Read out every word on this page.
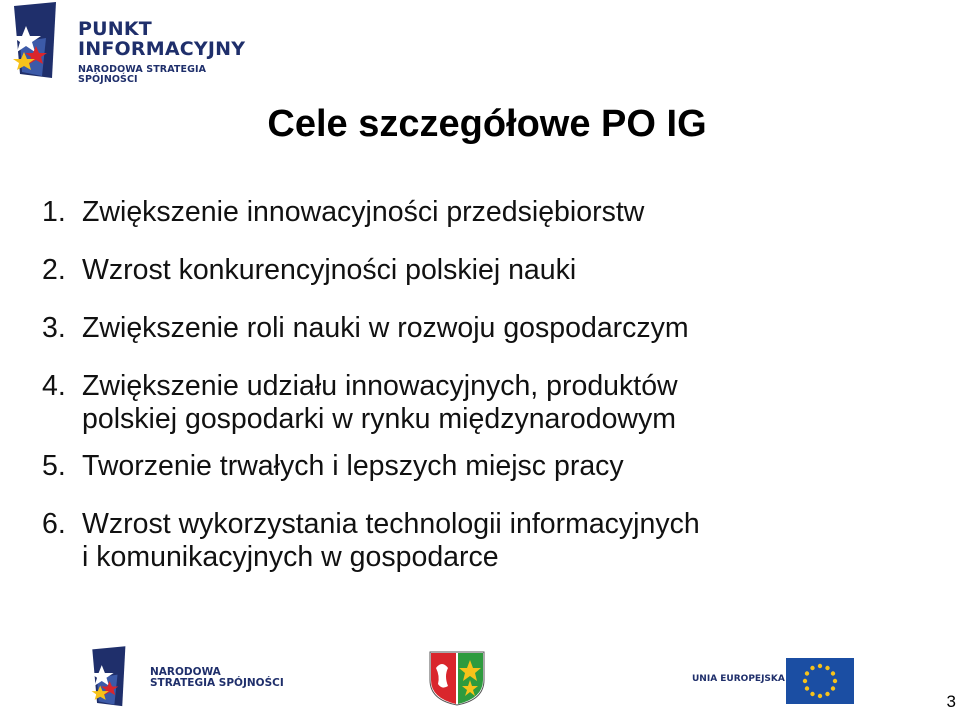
PUNKT
INFORMACYJNY
NARODOWA STRATEGIA SPÓJNOŚCI
Cele szczegółowe PO IG
1. Zwiększenie innowacyjności przedsiębiorstw
2. Wzrost konkurencyjności polskiej nauki
3. Zwiększenie roli nauki w rozwoju gospodarczym
4. Zwiększenie udziału innowacyjnych, produktów
polskiej gospodarki w rynku międzynarodowym
5. Tworzenie trwałych i lepszych miejsc pracy
6. Wzrost wykorzystania technologii informacyjnych
i komunikacyjnych w gospodarce
NARODOWA
STRATEGIA SPÓJNOŚCI	UNIA EUROPEJSKA
3
